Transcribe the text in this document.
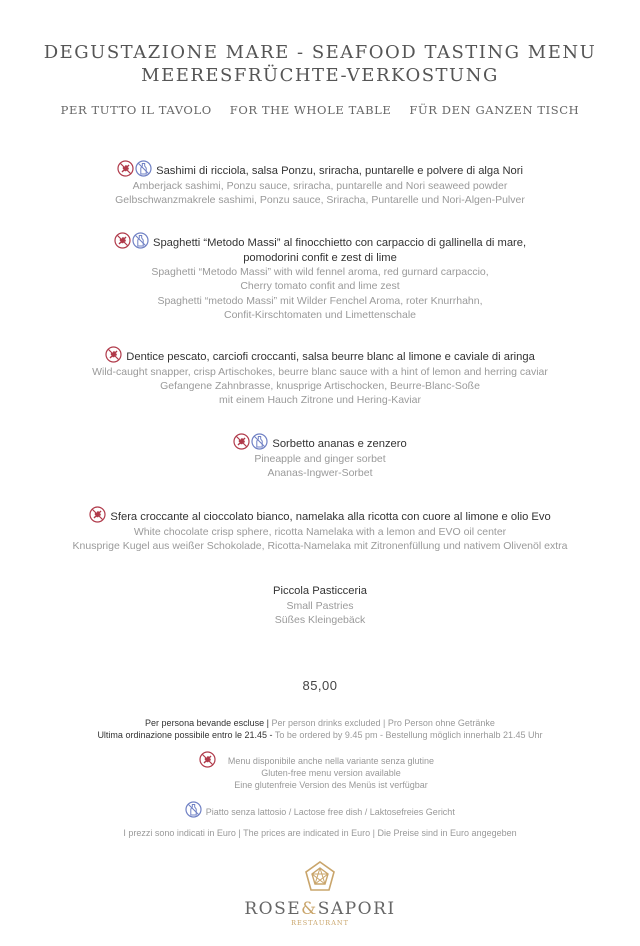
DEGUSTAZIONE MARE - SEAFOOD TASTING MENU
MEERESFRÜCHTE-VERKOSTUNG
PER TUTTO IL TAVOLO FOR THE WHOLE TABLE FÜR DEN GANZEN TISCH
Sashimi di ricciola, salsa Ponzu, sriracha, puntarelle e polvere di alga Nori
Amberjack sashimi, Ponzu sauce, sriracha, puntarelle and Nori seaweed powder
Gelbschwanzmakrele sashimi, Ponzu sauce, Sriracha, Puntarelle und Nori-Algen-Pulver
Spaghetti “Metodo Massi” al finocchietto con carpaccio di gallinella di mare,
pomodorini confit e zest di lime
Spaghetti “Metodo Massi” with wild fennel aroma, red gurnard carpaccio,
Cherry tomato confit and lime zest
Spaghetti “metodo Massi” mit Wilder Fenchel Aroma, roter Knurrhahn,
Confit-Kirschtomaten und Limettenschale
Dentice pescato, carciofi croccanti, salsa beurre blanc al limone e caviale di aringa
Wild-caught snapper, crisp Artischokes, beurre blanc sauce with a hint of lemon and herring caviar
Gefangene Zahnbrasse, knusprige Artischocken, Beurre-Blanc-Soße
mit einem Hauch Zitrone und Hering-Kaviar
Sorbetto ananas e zenzero
Pineapple and ginger sorbet
Ananas-Ingwer-Sorbet
Sfera croccante al cioccolato bianco, namelaka alla ricotta con cuore al limone e olio Evo
White chocolate crisp sphere, ricotta Namelaka with a lemon and EVO oil center
Knusprige Kugel aus weißer Schokolade, Ricotta-Namelaka mit Zitronenfüllung und nativem Olivenöl extra
Piccola Pasticceria
Small Pastries
Süßes Kleingebäck
85,00
Per persona bevande escluse | Per person drinks excluded | Pro Person ohne Getränke
Ultima ordinazione possibile entro le 21.45 - To be ordered by 9.45 pm - Bestellung möglich innerhalb 21.45 Uhr
Menu disponibile anche nella variante senza glutine
Gluten-free menu version available
Eine glutenfreie Version des Menüs ist verfügbar
Piatto senza lattosio / Lactose free dish / Laktosefreies Gericht
I prezzi sono indicati in Euro | The prices are indicated in Euro | Die Preise sind in Euro angegeben
ROSE&SAPORI
RESTAURANT
